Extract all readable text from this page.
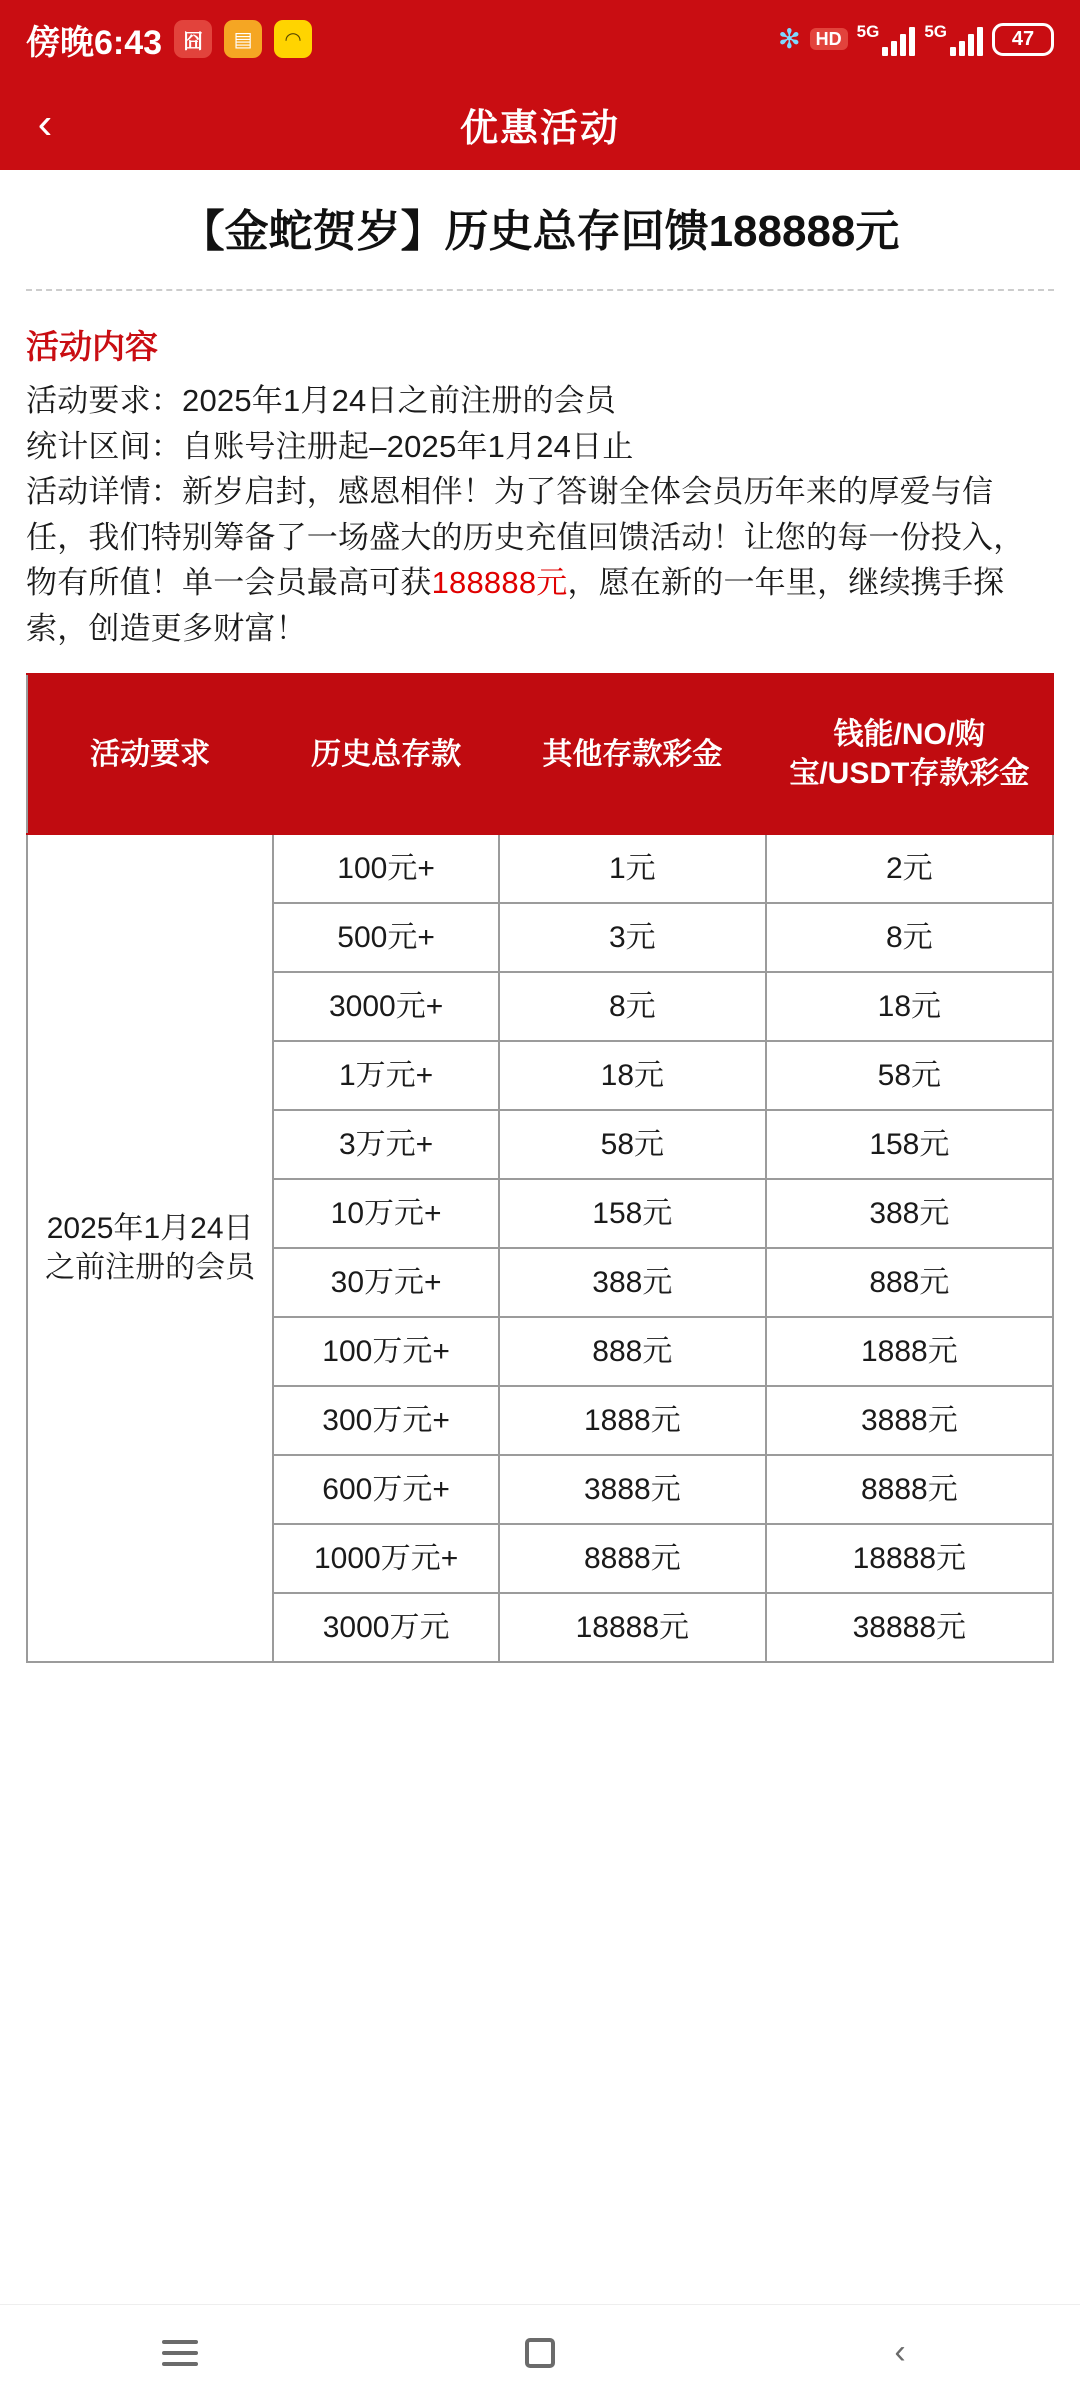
傍晚6:43	囧	▤	◠	✻ HD 5G	5G	47
‹	优惠活动
【金蛇贺岁】历史总存回馈188888元
活动内容
活动要求：2025年1月24日之前注册的会员
统计区间：自账号注册起–2025年1月24日止
活动详情：新岁启封，感恩相伴！为了答谢全体会员历年来的厚爱与信任，我们特别筹备了一场盛大的历史充值回馈活动！让您的每一份投入，物有所值！单一会员最高可获188888元，愿在新的一年里，继续携手探索，创造更多财富！
活动要求	历史总存款	其他存款彩金	钱能/NO/购宝/USDT存款彩金
2025年1月24日之前注册的会员	100元+	1元	2元
	500元+	3元	8元
	3000元+	8元	18元
	1万元+	18元	58元
	3万元+	58元	158元
	10万元+	158元	388元
	30万元+	388元	888元
	100万元+	888元	1888元
	300万元+	1888元	3888元
	600万元+	3888元	8888元
	1000万元+	8888元	18888元
	3000万元	18888元	38888元
‹
